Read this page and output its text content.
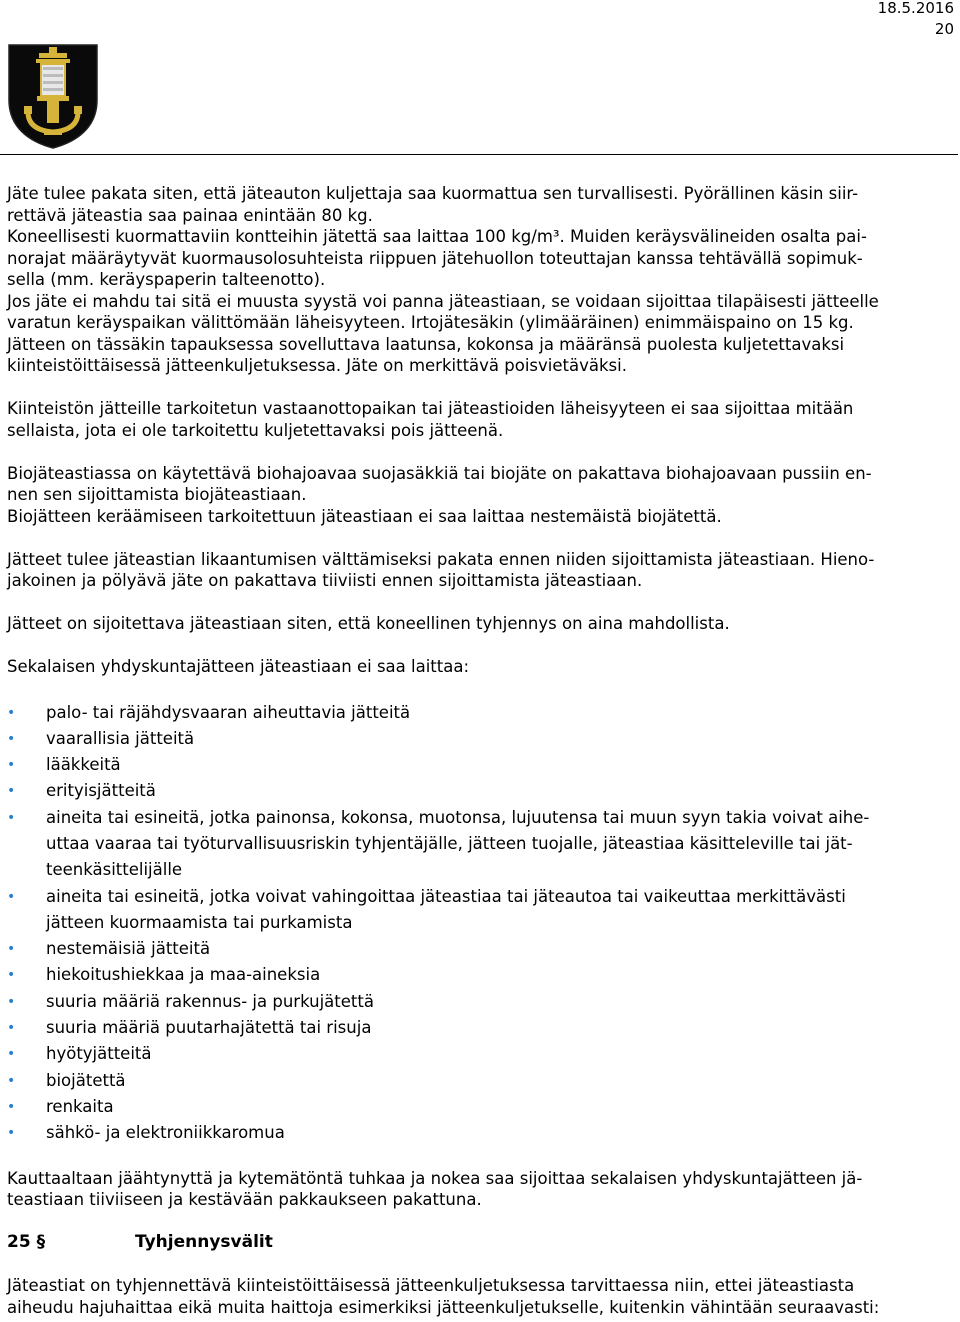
18.5.2016
20
Jäte tulee pakata siten, että jäteauton kuljettaja saa kuormattua sen turvallisesti. Pyörällinen käsin siir-
rettävä jäteastia saa painaa enintään 80 kg.
Koneellisesti kuormattaviin kontteihin jätettä saa laittaa 100 kg/m³. Muiden keräysvälineiden osalta pai-
norajat määräytyvät kuormausolosuhteista riippuen jätehuollon toteuttajan kanssa tehtävällä sopimuk-
sella (mm. keräyspaperin talteenotto).
Jos jäte ei mahdu tai sitä ei muusta syystä voi panna jäteastiaan, se voidaan sijoittaa tilapäisesti jätteelle
varatun keräyspaikan välittömään läheisyyteen. Irtojätesäkin (ylimääräinen) enimmäispaino on 15 kg.
Jätteen on tässäkin tapauksessa sovelluttava laatunsa, kokonsa ja määränsä puolesta kuljetettavaksi
kiinteistöittäisessä jätteenkuljetuksessa. Jäte on merkittävä poisvietäväksi.
Kiinteistön jätteille tarkoitetun vastaanottopaikan tai jäteastioiden läheisyyteen ei saa sijoittaa mitään
sellaista, jota ei ole tarkoitettu kuljetettavaksi pois jätteenä.
Biojäteastiassa on käytettävä biohajoavaa suojasäkkiä tai biojäte on pakattava biohajoavaan pussiin en-
nen sen sijoittamista biojäteastiaan.
Biojätteen keräämiseen tarkoitettuun jäteastiaan ei saa laittaa nestemäistä biojätettä.
Jätteet tulee jäteastian likaantumisen välttämiseksi pakata ennen niiden sijoittamista jäteastiaan. Hieno-
jakoinen ja pölyävä jäte on pakattava tiiviisti ennen sijoittamista jäteastiaan.
Jätteet on sijoitettava jäteastiaan siten, että koneellinen tyhjennys on aina mahdollista.
Sekalaisen yhdyskuntajätteen jäteastiaan ei saa laittaa:
• palo- tai räjähdysvaaran aiheuttavia jätteitä
• vaarallisia jätteitä
• lääkkeitä
• erityisjätteitä
• aineita tai esineitä, jotka painonsa, kokonsa, muotonsa, lujuutensa tai muun syyn takia voivat aihe-
uttaa vaaraa tai työturvallisuusriskin tyhjentäjälle, jätteen tuojalle, jäteastiaa käsitteleville tai jät-
teenkäsittelijälle
• aineita tai esineitä, jotka voivat vahingoittaa jäteastiaa tai jäteautoa tai vaikeuttaa merkittävästi
jätteen kuormaamista tai purkamista
• nestemäisiä jätteitä
• hiekoitushiekkaa ja maa-aineksia
• suuria määriä rakennus- ja purkujätettä
• suuria määriä puutarhajätettä tai risuja
• hyötyjätteitä
• biojätettä
• renkaita
• sähkö- ja elektroniikkaromua
Kauttaaltaan jäähtynyttä ja kytemätöntä tuhkaa ja nokea saa sijoittaa sekalaisen yhdyskuntajätteen jä-
teastiaan tiiviiseen ja kestävään pakkaukseen pakattuna.
25 §	Tyhjennysvälit
Jäteastiat on tyhjennettävä kiinteistöittäisessä jätteenkuljetuksessa tarvittaessa niin, ettei jäteastiasta
aiheudu hajuhaittaa eikä muita haittoja esimerkiksi jätteenkuljetukselle, kuitenkin vähintään seuraavasti:
